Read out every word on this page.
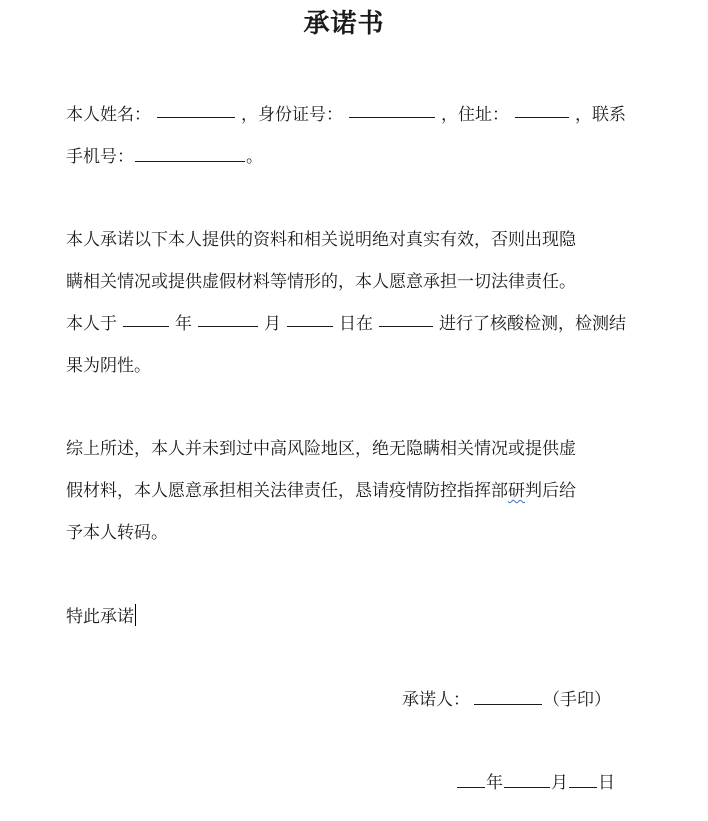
承诺书
本人姓名：	，身份证号：	，住址：	，联系
手机号：	。
本人承诺以下本人提供的资料和相关说明绝对真实有效，否则出现隐
瞒相关情况或提供虚假材料等情形的，本人愿意承担一切法律责任。
本人于	年	月	日在	进行了核酸检测，检测结
果为阴性。
综上所述，本人并未到过中高风险地区，绝无隐瞒相关情况或提供虚
假材料，本人愿意承担相关法律责任，恳请疫情防控指挥部研判后给
予本人转码。
特此承诺
承诺人：	（手印）
年	月 日
